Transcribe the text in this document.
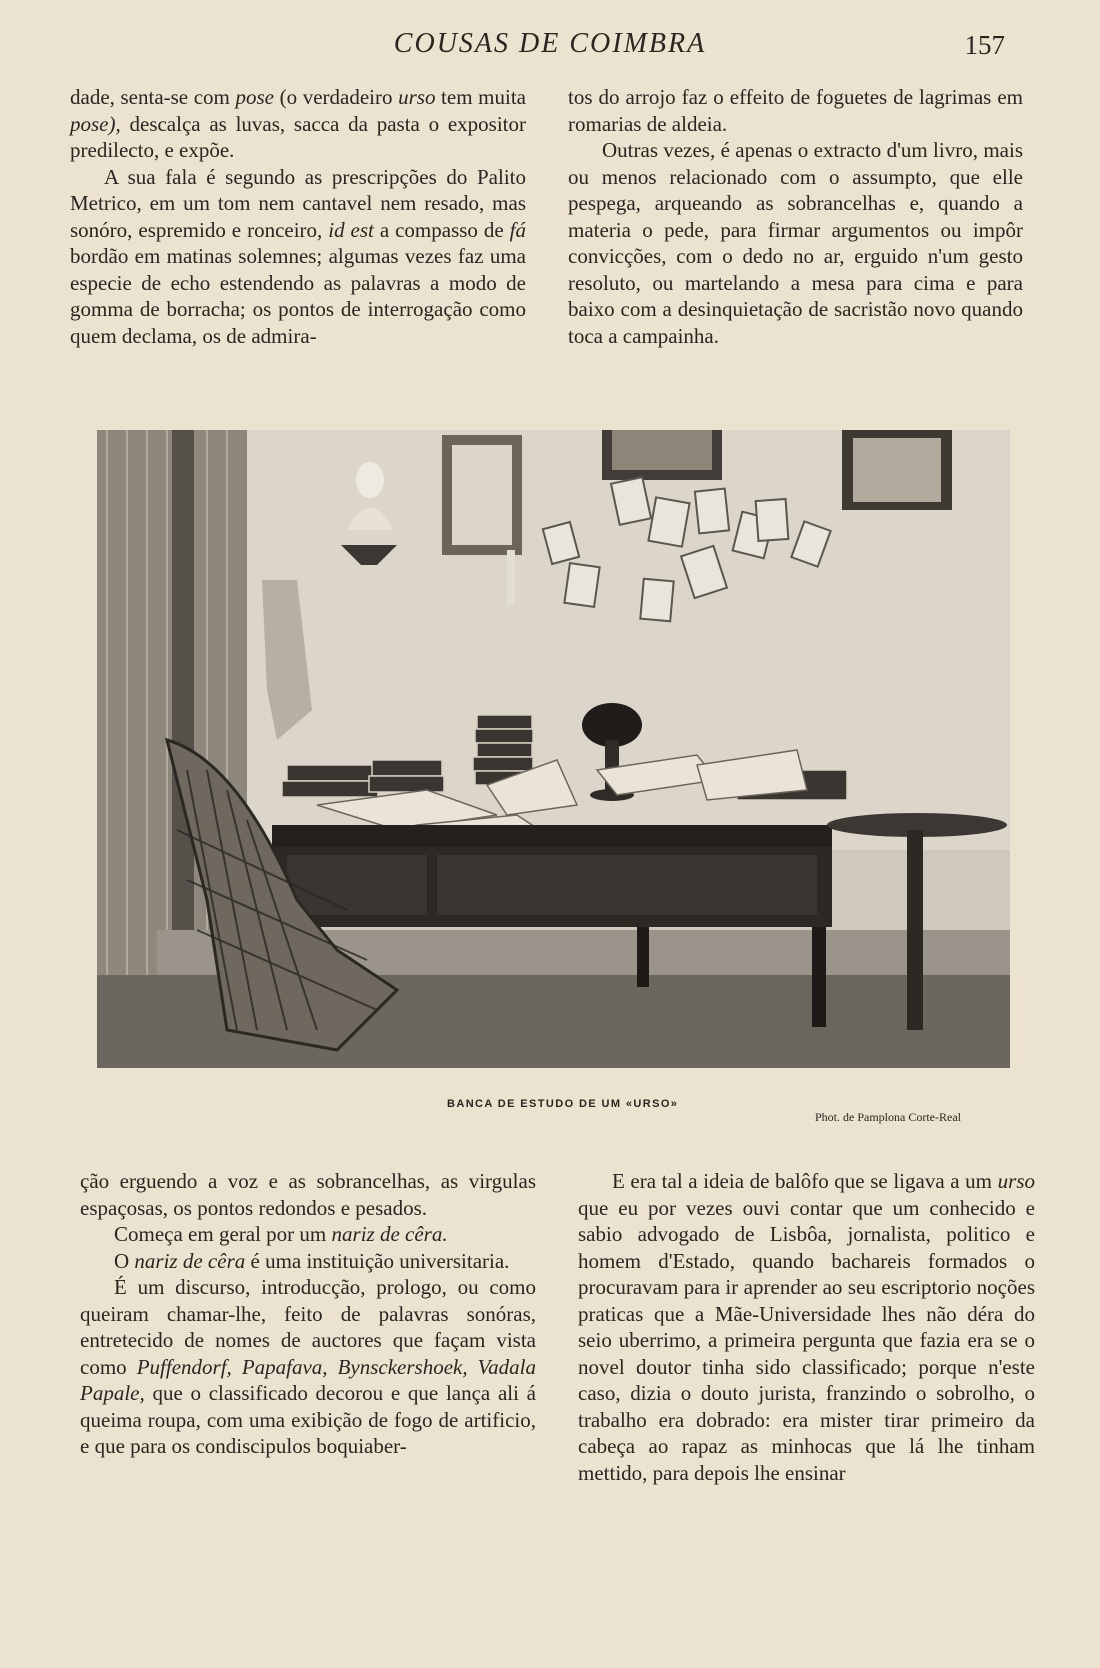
COUSAS DE COIMBRA	157

dade, senta-se com pose (o verdadeiro urso tem muita pose), descalça as luvas, sacca da pasta o expositor predilecto, e expõe.

A sua fala é segundo as prescripções do Palito Metrico, em um tom nem cantavel nem resado, mas sonóro, espremido e ronceiro, id est a compasso de fá bordão em matinas solemnes; algumas vezes faz uma especie de echo estendendo as palavras a modo de gomma de borracha; os pontos de interrogação como quem declama, os de admira-

tos do arrojo faz o effeito de foguetes de lagrimas em romarias de aldeia.

Outras vezes, é apenas o extracto d'um livro, mais ou menos relacionado com o assumpto, que elle pespega, arqueando as sobrancelhas e, quando a materia o pede, para firmar argumentos ou impôr convicções, com o dedo no ar, erguido n'um gesto resoluto, ou martelando a mesa para cima e para baixo com a desinquietação de sacristão novo quando toca a campainha.

BANCA DE ESTUDO DE UM «URSO»
Phot. de Pamplona Corte-Real

ção erguendo a voz e as sobrancelhas, as virgulas espaçosas, os pontos redondos e pesados.

Começa em geral por um nariz de cêra.

O nariz de cêra é uma instituição universitaria.

É um discurso, introducção, prologo, ou como queiram chamar-lhe, feito de palavras sonóras, entretecido de nomes de auctores que façam vista como Puffendorf, Papafava, Bynsckershoek, Vadala Papale, que o classificado decorou e que lança ali á queima roupa, com uma exibição de fogo de artificio, e que para os condiscipulos boquiaber-

E era tal a ideia de balôfo que se ligava a um urso que eu por vezes ouvi contar que um conhecido e sabio advogado de Lisbôa, jornalista, politico e homem d'Estado, quando bachareis formados o procuravam para ir aprender ao seu escriptorio noções praticas que a Mãe-Universidade lhes não déra do seio uberrimo, a primeira pergunta que fazia era se o novel doutor tinha sido classificado; porque n'este caso, dizia o douto jurista, franzindo o sobrolho, o trabalho era dobrado: era mister tirar primeiro da cabeça ao rapaz as minhocas que lá lhe tinham mettido, para depois lhe ensinar
